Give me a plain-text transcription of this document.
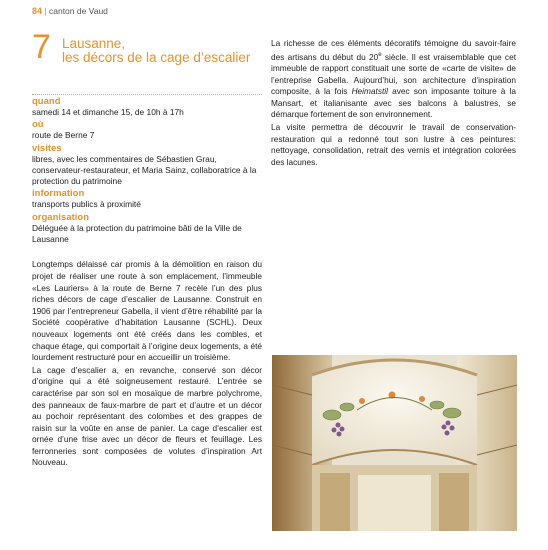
84 | canton de Vaud
7 Lausanne,
les décors de la cage d’escalier
quand
samedi 14 et dimanche 15, de 10h à 17h
où
route de Berne 7
visites
libres, avec les commentaires de Sébastien Grau, conservateur-restaurateur, et Maria Sainz, collaboratrice à la protection du patrimoine
information
transports publics à proximité
organisation
Déléguée à la protection du patrimoine bâti de la Ville de Lausanne

Longtemps délaissé car promis à la démolition en raison du projet de réaliser une route à son emplacement, l’immeuble «Les Lauriers» à la route de Berne 7 recèle l’un des plus riches décors de cage d’escalier de Lausanne. Construit en 1906 par l’entrepreneur Gabella, il vient d’être réhabilité par la Société coopérative d’habitation Lausanne (SCHL). Deux nouveaux logements ont été créés dans les combles, et chaque étage, qui comportait à l’origine deux logements, a été lourdement restructuré pour en accueillir un troisième.

La cage d’escalier a, en revanche, conservé son décor d’origine qui a été soigneusement restauré. L’entrée se caractérise par son sol en mosaïque de marbre polychrome, des panneaux de faux-marbre de part et d’autre et un décor au pochoir représentant des colombes et des grappes de raisin sur la voûte en anse de panier. La cage d’escalier est ornée d’une frise avec un décor de fleurs et feuillage. Les ferronneries sont composées de volutes d’inspiration Art Nouveau.

La richesse de ces éléments décoratifs témoigne du savoir-faire des artisans du début du 20e siècle. Il est vraisemblable que cet immeuble de rapport constituait une sorte de «carte de visite» de l’entreprise Gabella. Aujourd’hui, son architecture d’inspiration composite, à la fois Heimatstil avec son imposante toiture à la Mansart, et italianisante avec ses balcons à balustres, se démarque fortement de son environnement.

La visite permettra de découvrir le travail de conservation-restauration qui a redonné tout son lustre à ces peintures: nettoyage, consolidation, retrait des vernis et intégration colorées des lacunes.
